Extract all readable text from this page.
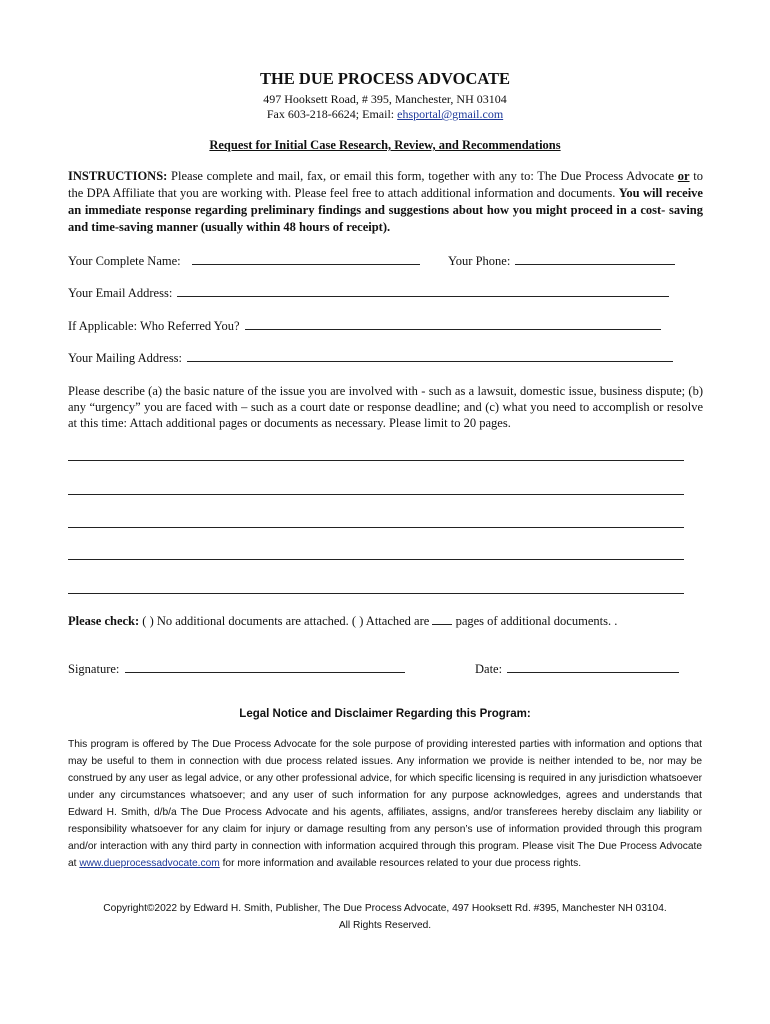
THE DUE PROCESS ADVOCATE
497 Hooksett Road, # 395, Manchester, NH 03104
Fax 603-218-6624; Email: ehsportal@gmail.com
Request for Initial Case Research, Review, and Recommendations
INSTRUCTIONS: Please complete and mail, fax, or email this form, together with any to: The Due Process Advocate or to the DPA Affiliate that you are working with. Please feel free to attach additional information and documents. You will receive an immediate response regarding preliminary findings and suggestions about how you might proceed in a cost- saving and time-saving manner (usually within 48 hours of receipt).
Your Complete Name:	Your Phone:
Your Email Address:
If Applicable: Who Referred You?
Your Mailing Address:
Please describe (a) the basic nature of the issue you are involved with - such as a lawsuit, domestic issue, business dispute; (b) any “urgency” you are faced with – such as a court date or response deadline; and (c) what you need to accomplish or resolve at this time: Attach additional pages or documents as necessary. Please limit to 20 pages.
Please check: ( ) No additional documents are attached. ( ) Attached are  pages of additional documents. .
Signature:	Date:
Legal Notice and Disclaimer Regarding this Program:
This program is offered by The Due Process Advocate for the sole purpose of providing interested parties with information and options that may be useful to them in connection with due process related issues. Any information we provide is neither intended to be, nor may be construed by any user as legal advice, or any other professional advice, for which specific licensing is required in any jurisdiction whatsoever under any circumstances whatsoever; and any user of such information for any purpose acknowledges, agrees and understands that Edward H. Smith, d/b/a The Due Process Advocate and his agents, affiliates, assigns, and/or transferees hereby disclaim any liability or responsibility whatsoever for any claim for injury or damage resulting from any person’s use of information provided through this program and/or interaction with any third party in connection with information acquired through this program. Please visit The Due Process Advocate at www.dueprocessadvocate.com for more information and available resources related to your due process rights.
Copyright©2022 by Edward H. Smith, Publisher, The Due Process Advocate, 497 Hooksett Rd. #395, Manchester NH 03104.
All Rights Reserved.
